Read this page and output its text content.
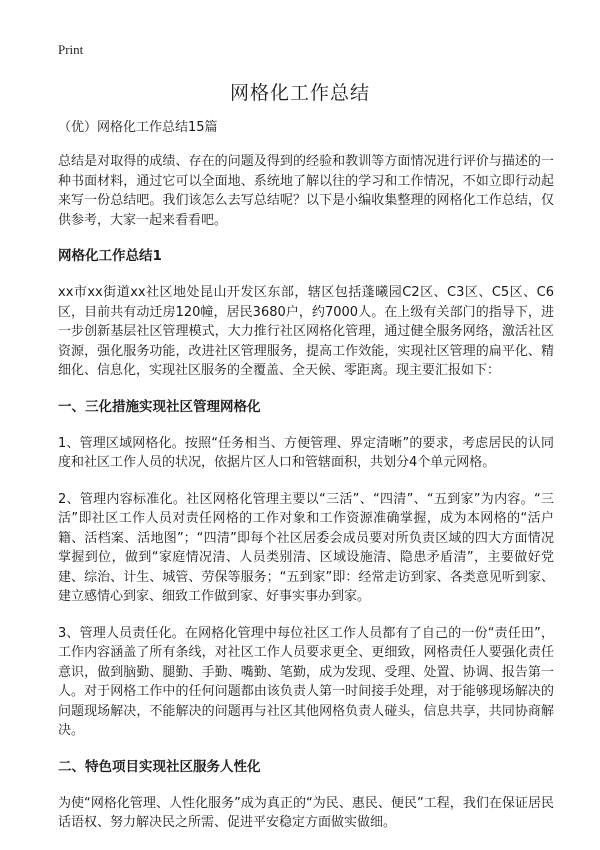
Print
网格化工作总结

（优）网格化工作总结15篇

总结是对取得的成绩、存在的问题及得到的经验和教训等方面情况进行评价与描述的一种书面材料，通过它可以全面地、系统地了解以往的学习和工作情况，不如立即行动起来写一份总结吧。我们该怎么去写总结呢？以下是小编收集整理的网格化工作总结，仅供参考，大家一起来看看吧。

网格化工作总结1

xx市xx街道xx社区地处昆山开发区东部，辖区包括蓬曦园C2区、C3区、C5区、C6区，目前共有动迁房120幢，居民3680户，约7000人。在上级有关部门的指导下，进一步创新基层社区管理模式，大力推行社区网格化管理，通过健全服务网络，激活社区资源，强化服务功能，改进社区管理服务，提高工作效能，实现社区管理的扁平化、精细化、信息化，实现社区服务的全覆盖、全天候、零距离。现主要汇报如下：

一、三化措施实现社区管理网格化

1、管理区域网格化。按照“任务相当、方便管理、界定清晰”的要求，考虑居民的认同度和社区工作人员的状况，依据片区人口和管辖面积，共划分4个单元网格。

2、管理内容标准化。社区网格化管理主要以“三活”、“四清”、“五到家”为内容。“三活”即社区工作人员对责任网格的工作对象和工作资源准确掌握，成为本网格的“活户籍、活档案、活地图”；“四清”即每个社区居委会成员要对所负责区域的四大方面情况掌握到位，做到“家庭情况清、人员类别清、区域设施清、隐患矛盾清”，主要做好党建、综治、计生、城管、劳保等服务；“五到家”即：经常走访到家、各类意见听到家、建立感情心到家、细致工作做到家、好事实事办到家。

3、管理人员责任化。在网格化管理中每位社区工作人员都有了自己的一份“责任田”，工作内容涵盖了所有条线，对社区工作人员要求更全、更细致，网格责任人要强化责任意识，做到脑勤、腿勤、手勤、嘴勤、笔勤，成为发现、受理、处置、协调、报告第一人。对于网格工作中的任何问题都由该负责人第一时间接手处理，对于能够现场解决的问题现场解决，不能解决的问题再与社区其他网格负责人碰头，信息共享，共同协商解决。

二、特色项目实现社区服务人性化

为使“网格化管理、人性化服务”成为真正的“为民、惠民、便民”工程，我们在保证居民话语权、努力解决民之所需、促进平安稳定方面做实做细。
